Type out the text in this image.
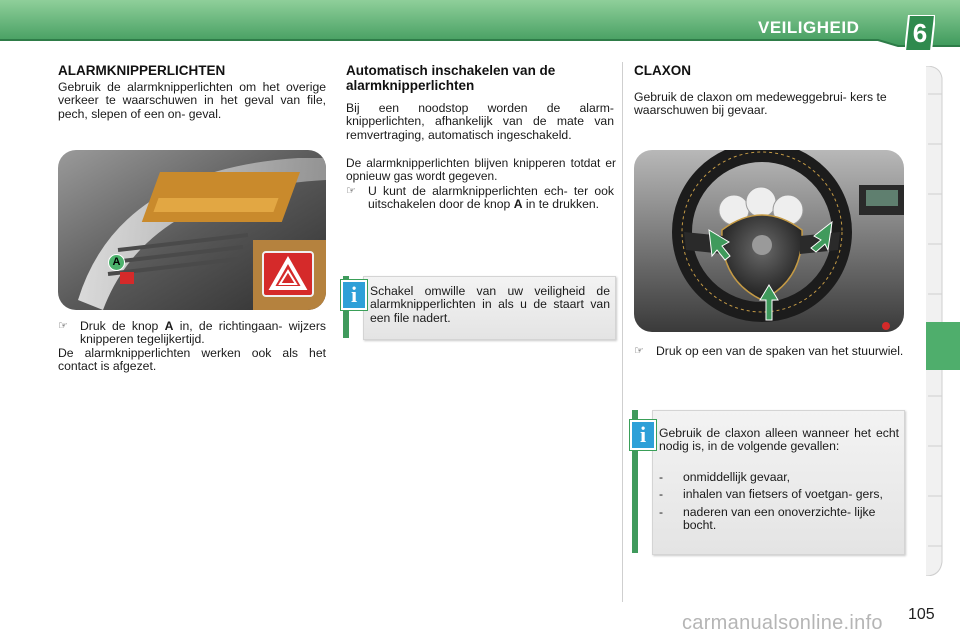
VEILIGHEID 6
ALARMKNIPPERLICHTEN

Gebruik de alarmknipperlichten om het overige verkeer te waarschuwen in het geval van file, pech, slepen of een on- geval.

A
☞ Druk de knop A in, de richtingaan- wijzers knipperen tegelijkertijd.

De alarmknipperlichten werken ook als het contact is afgezet.

Automatisch inschakelen van de alarmknipperlichten

Bij een noodstop worden de alarm- knipperlichten, afhankelijk van de mate van remvertraging, automatisch ingeschakeld.

De alarmknipperlichten blijven knipperen totdat er opnieuw gas wordt gegeven.

☞ U kunt de alarmknipperlichten ech- ter ook uitschakelen door de knop A in te drukken.
Schakel omwille van uw veiligheid de alarmknipperlichten in als u de staart van een file nadert.
i
CLAXON

Gebruik de claxon om medeweggebrui- kers te waarschuwen bij gevaar.

☞ Druk op een van de spaken van het stuurwiel.
Gebruik de claxon alleen wanneer het echt nodig is, in de volgende gevallen:
- onmiddellijk gevaar,
- inhalen van fietsers of voetgan- gers,
- naderen van een onoverzichte- lijke bocht.
i
105
carmanualsonline.info
